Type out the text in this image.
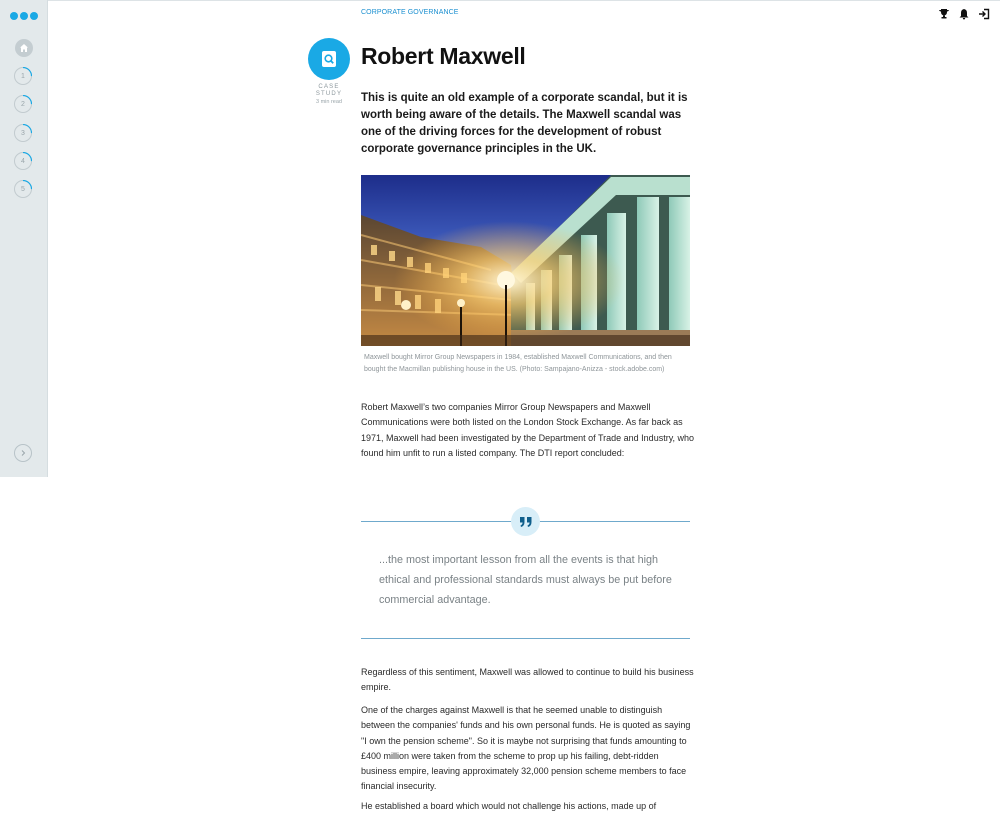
1
2
3
4
5
CORPORATE GOVERNANCE
CASE
STUDY
3 min read
Robert Maxwell

This is quite an old example of a corporate scandal, but it is worth being aware of the details. The Maxwell scandal was one of the driving forces for the development of robust corporate governance principles in the UK.

Maxwell bought Mirror Group Newspapers in 1984, established Maxwell Communications, and then bought the Macmillan publishing house in the US. (Photo: Sampajano-Anizza - stock.adobe.com)

Robert Maxwell’s two companies Mirror Group Newspapers and Maxwell Communications were both listed on the London Stock Exchange. As far back as 1971, Maxwell had been investigated by the Department of Trade and Industry, who found him unfit to run a listed company. The DTI report concluded:

...the most important lesson from all the events is that high ethical and professional standards must always be put before commercial advantage.

Regardless of this sentiment, Maxwell was allowed to continue to build his business empire.

One of the charges against Maxwell is that he seemed unable to distinguish between the companies' funds and his own personal funds. He is quoted as saying "I own the pension scheme". So it is maybe not surprising that funds amounting to £400 million were taken from the scheme to prop up his failing, debt-ridden business empire, leaving approximately 32,000 pension scheme members to face financial insecurity.

He established a board which would not challenge his actions, made up of
